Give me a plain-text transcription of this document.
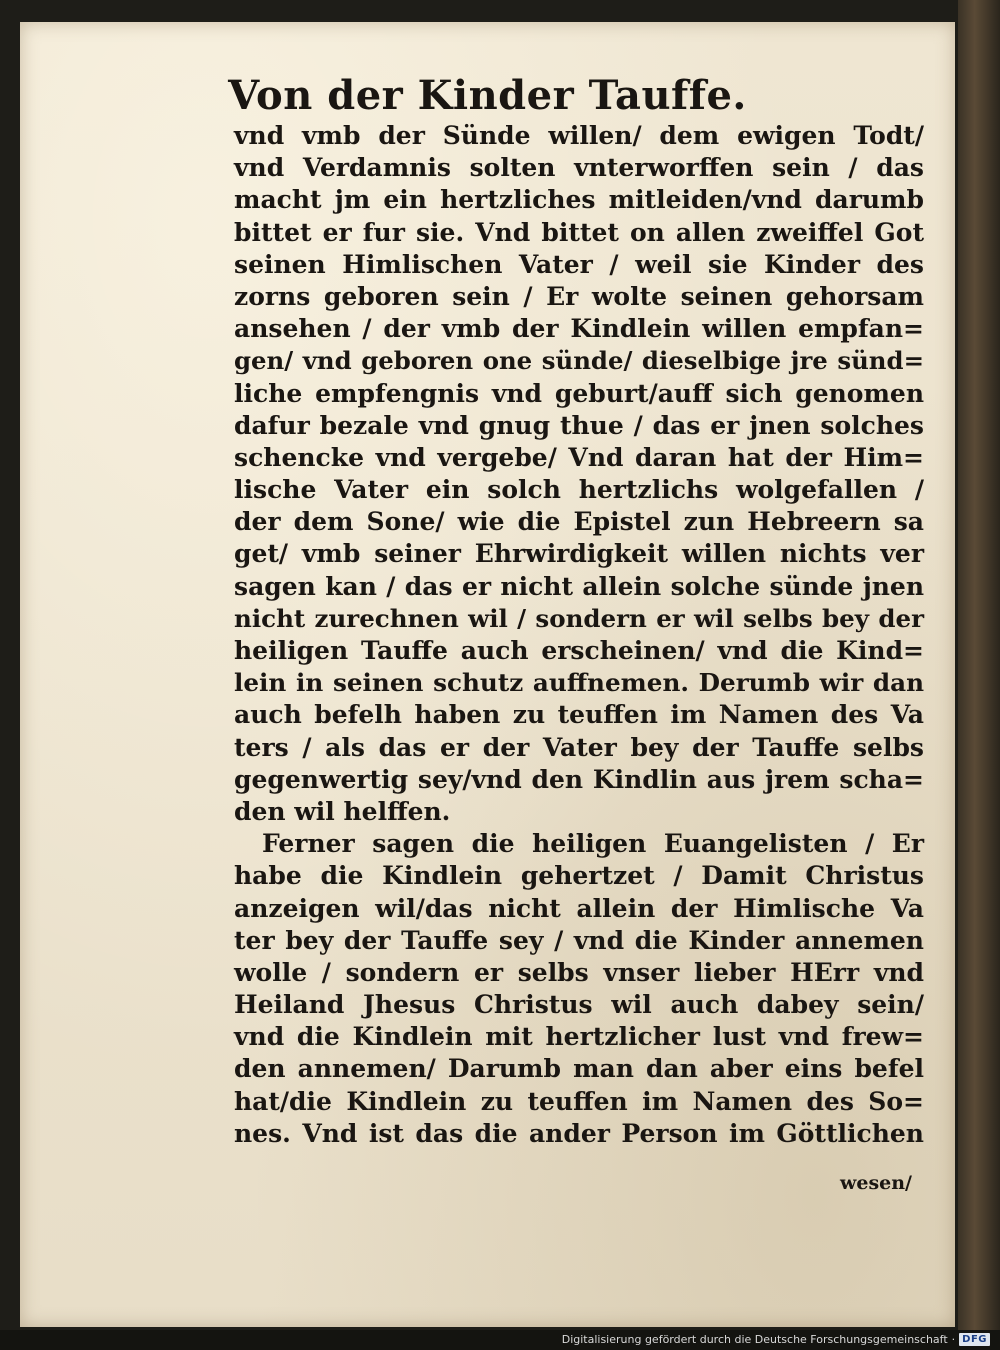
Von der Kinder Tauffe.
vnd vmb der Sünde willen/ dem ewigen Todt/
vnd Verdamnis solten vnterworffen sein / das
macht jm ein hertzliches mitleiden/vnd darumb
bittet er fur sie. Vnd bittet on allen zweiffel Got
seinen Himlischen Vater / weil sie Kinder des
zorns geboren sein / Er wolte seinen gehorsam
ansehen / der vmb der Kindlein willen empfan=
gen/ vnd geboren one sünde/ dieselbige jre sünd=
liche empfengnis vnd geburt/auff sich genomen
dafur bezale vnd gnug thue / das er jnen solches
schencke vnd vergebe/ Vnd daran hat der Him=
lische Vater ein solch hertzlichs wolgefallen /
der dem Sone/ wie die Epistel zun Hebreern sa
get/ vmb seiner Ehrwirdigkeit willen nichts ver
sagen kan / das er nicht allein solche sünde jnen
nicht zurechnen wil / sondern er wil selbs bey der
heiligen Tauffe auch erscheinen/ vnd die Kind=
lein in seinen schutz auffnemen. Derumb wir dan
auch befelh haben zu teuffen im Namen des Va
ters / als das er der Vater bey der Tauffe selbs
gegenwertig sey/vnd den Kindlin aus jrem scha=
den wil helffen.
Ferner sagen die heiligen Euangelisten / Er
habe die Kindlein gehertzet / Damit Christus
anzeigen wil/das nicht allein der Himlische Va
ter bey der Tauffe sey / vnd die Kinder annemen
wolle / sondern er selbs vnser lieber HErr vnd
Heiland Jhesus Christus wil auch dabey sein/
vnd die Kindlein mit hertzlicher lust vnd frew=
den annemen/ Darumb man dan aber eins befel
hat/die Kindlein zu teuffen im Namen des So=
nes. Vnd ist das die ander Person im Göttlichen
wesen/
Digitalisierung gefördert durch die Deutsche Forschungsgemeinschaft · DFG
